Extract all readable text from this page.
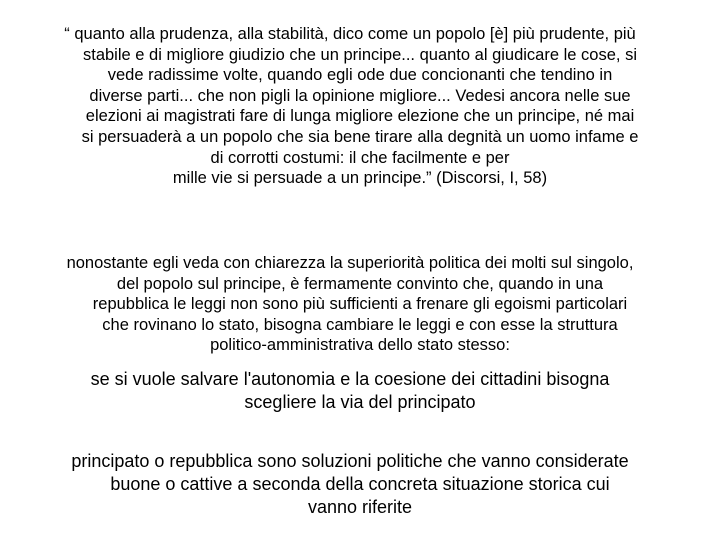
“ quanto alla prudenza, alla stabilità, dico come un popolo [è] più prudente, più
stabile e di migliore giudizio che un principe... quanto al giudicare le cose, si
vede radissime volte, quando egli ode due concionanti che tendino in
diverse parti... che non pigli la opinione migliore... Vedesi ancora nelle sue
elezioni ai magistrati fare di lunga migliore elezione che un principe, né mai
si persuaderà a un popolo che sia bene tirare alla degnità un uomo infame e
di corrotti costumi: il che facilmente e per
mille vie si persuade a un principe.” (Discorsi, I, 58)
nonostante egli veda con chiarezza la superiorità politica dei molti sul singolo,
del popolo sul principe, è fermamente convinto che, quando in una
repubblica le leggi non sono più sufficienti a frenare gli egoismi particolari
che rovinano lo stato, bisogna cambiare le leggi e con esse la struttura
politico-amministrativa dello stato stesso:
se si vuole salvare l'autonomia e la coesione dei cittadini bisogna
scegliere la via del principato
principato o repubblica sono soluzioni politiche che vanno considerate
buone o cattive a seconda della concreta situazione storica cui
vanno riferite
